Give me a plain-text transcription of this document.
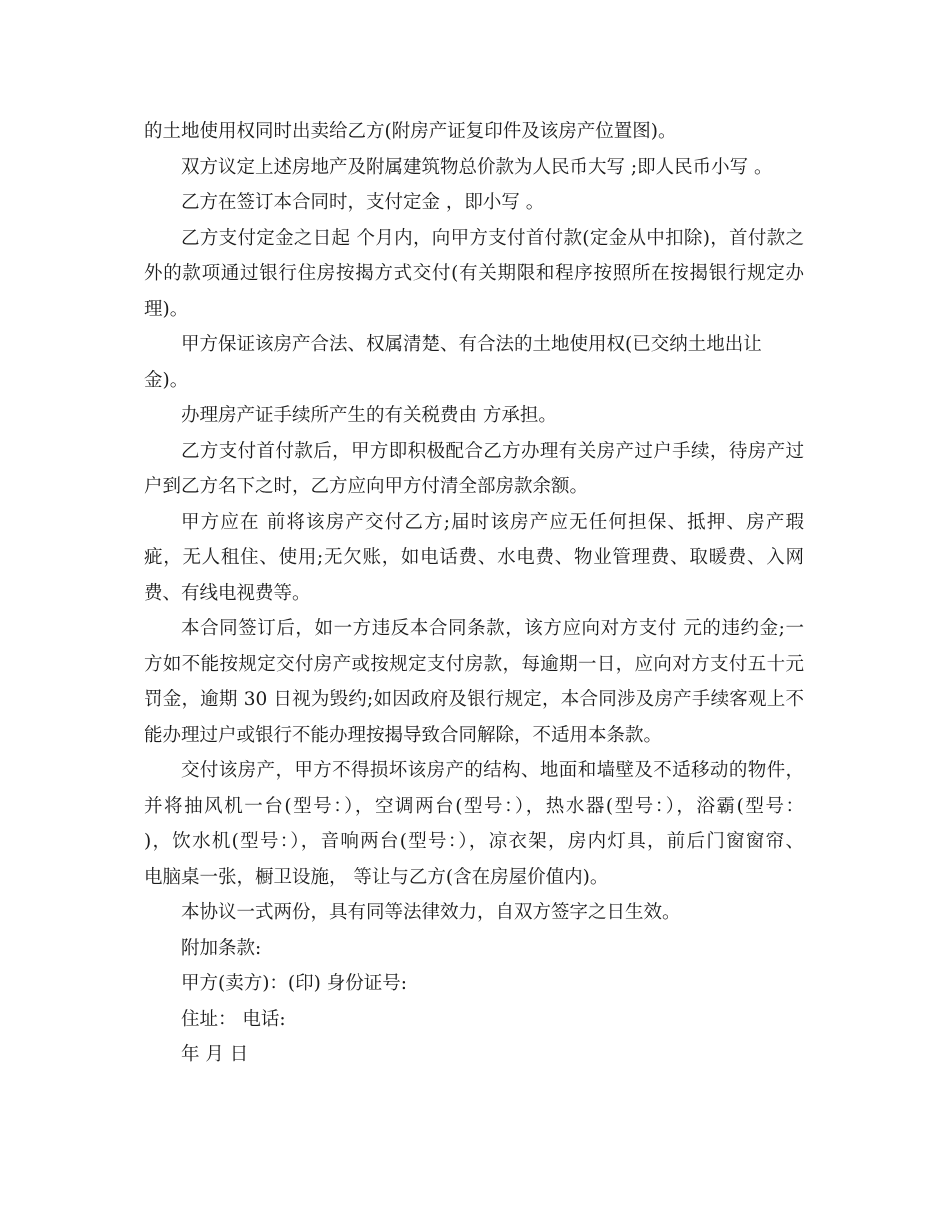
的土地使用权同时出卖给乙方(附房产证复印件及该房产位置图)。
双方议定上述房地产及附属建筑物总价款为人民币大写 ;即人民币小写 。
乙方在签订本合同时，支付定金 ，即小写 。
乙方支付定金之日起 个月内，向甲方支付首付款(定金从中扣除)，首付款之
外的款项通过银行住房按揭方式交付(有关期限和程序按照所在按揭银行规定办
理)。
甲方保证该房产合法、权属清楚、有合法的土地使用权(已交纳土地出让
金)。
办理房产证手续所产生的有关税费由 方承担。
乙方支付首付款后，甲方即积极配合乙方办理有关房产过户手续，待房产过
户到乙方名下之时，乙方应向甲方付清全部房款余额。
甲方应在 前将该房产交付乙方;届时该房产应无任何担保、抵押、房产瑕
疵，无人租住、使用;无欠账，如电话费、水电费、物业管理费、取暖费、入网
费、有线电视费等。
本合同签订后，如一方违反本合同条款，该方应向对方支付 元的违约金;一
方如不能按规定交付房产或按规定支付房款，每逾期一日，应向对方支付五十元
罚金，逾期 30 日视为毁约;如因政府及银行规定，本合同涉及房产手续客观上不
能办理过户或银行不能办理按揭导致合同解除，不适用本条款。
交付该房产，甲方不得损坏该房产的结构、地面和墙壁及不适移动的物件，
并将抽风机一台(型号：），空调两台(型号：），热水器(型号：），浴霸(型号：
)，饮水机(型号：），音响两台(型号：），凉衣架，房内灯具，前后门窗窗帘、
电脑桌一张，橱卫设施， 等让与乙方(含在房屋价值内)。
本协议一式两份，具有同等法律效力，自双方签字之日生效。
附加条款:
甲方(卖方)：(印) 身份证号:
住址： 电话:
年 月 日
